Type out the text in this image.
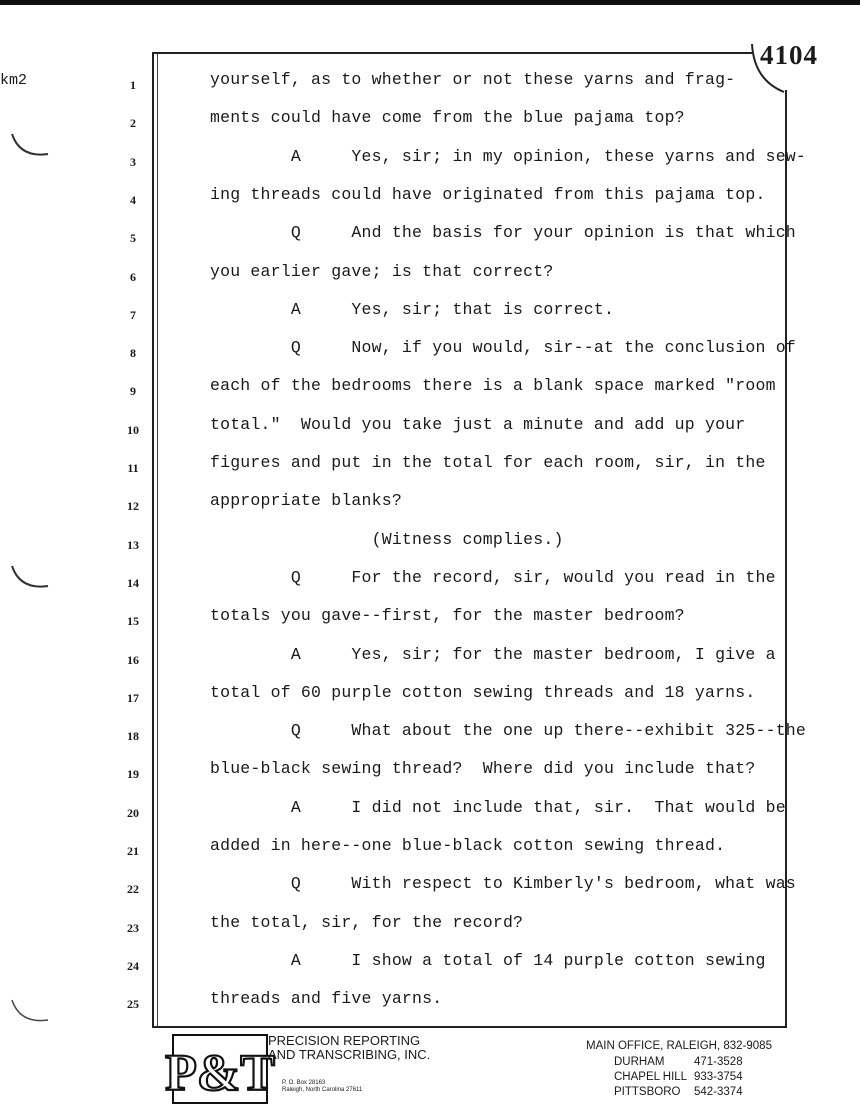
km2
4104
1	yourself, as to whether or not these yarns and frag-
2	ments could have come from the blue pajama top?
3	A     Yes, sir; in my opinion, these yarns and sew-
4	ing threads could have originated from this pajama top.
5	Q     And the basis for your opinion is that which
6	you earlier gave; is that correct?
7	A     Yes, sir; that is correct.
8	Q     Now, if you would, sir--at the conclusion of
9	each of the bedrooms there is a blank space marked "room
10	total."  Would you take just a minute and add up your
11	figures and put in the total for each room, sir, in the
12	appropriate blanks?
13	(Witness complies.)
14	Q     For the record, sir, would you read in the
15	totals you gave--first, for the master bedroom?
16	A     Yes, sir; for the master bedroom, I give a
17	total of 60 purple cotton sewing threads and 18 yarns.
18	Q     What about the one up there--exhibit 325--the
19	blue-black sewing thread?  Where did you include that?
20	A     I did not include that, sir.  That would be
21	added in here--one blue-black cotton sewing thread.
22	Q     With respect to Kimberly's bedroom, what was
23	the total, sir, for the record?
24	A     I show a total of 14 purple cotton sewing
25	threads and five yarns.
P&T
PRECISION REPORTING
AND TRANSCRIBING, INC.
P. O. Box 28163
Raleigh, North Carolina 27611
MAIN OFFICE, RALEIGH, 832-9085
DURHAM	471-3528
CHAPEL HILL 933-3754
PITTSBORO 542-3374
